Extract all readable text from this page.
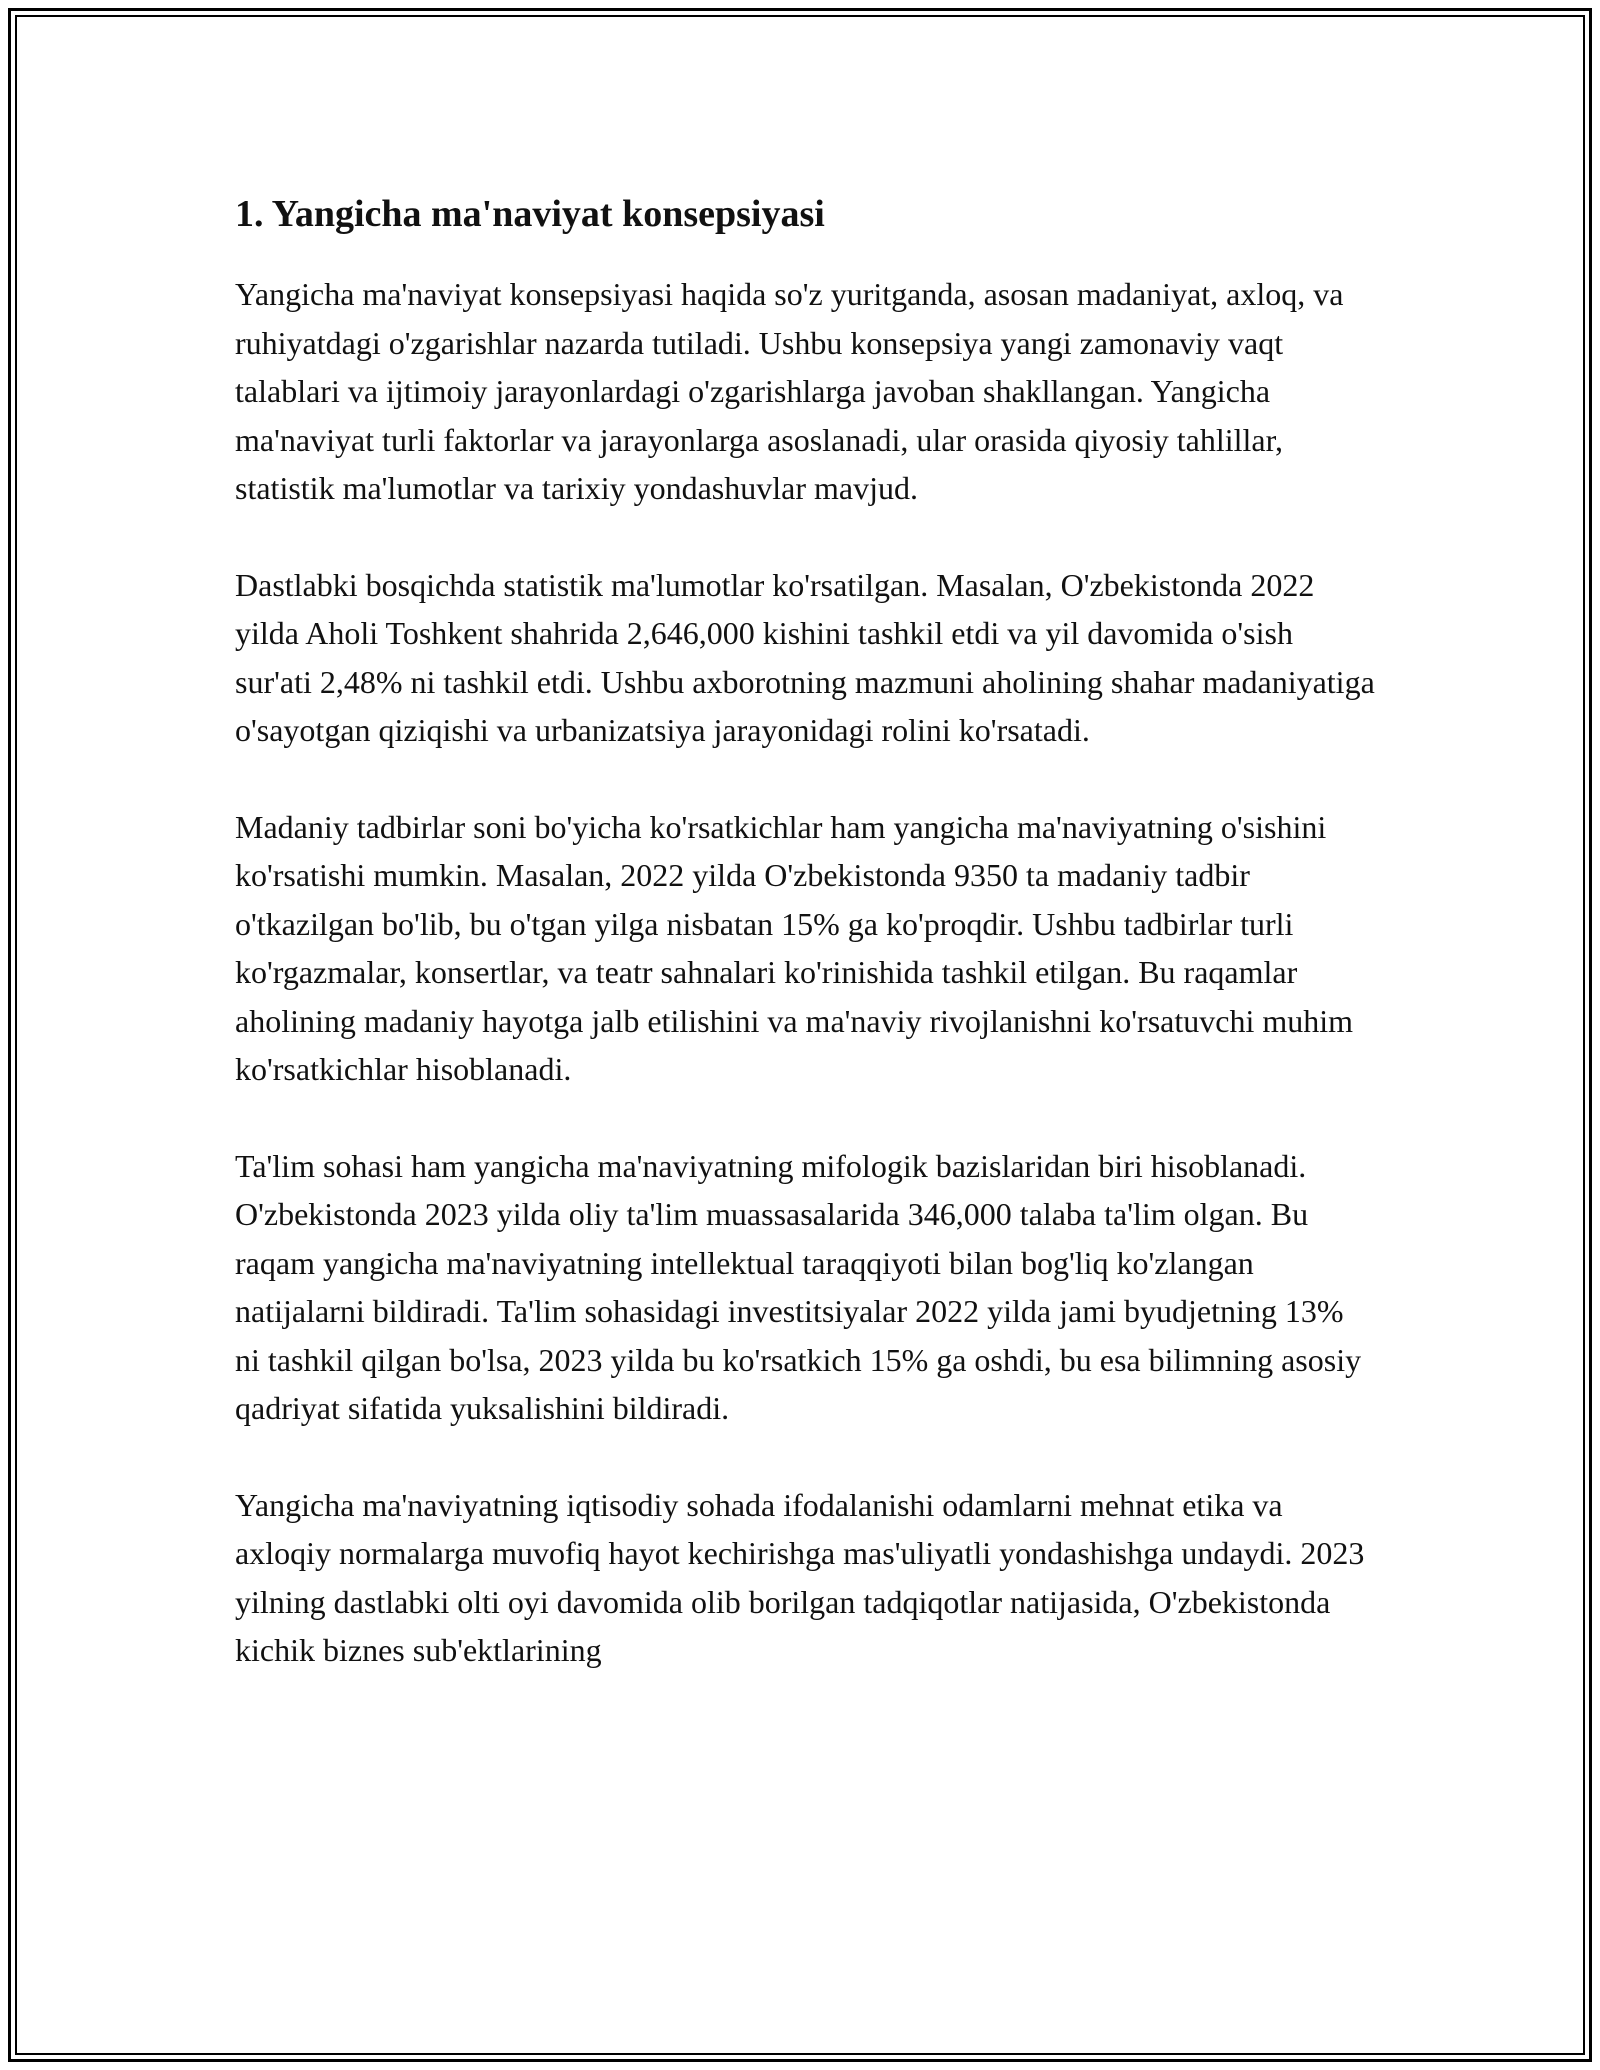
1. Yangicha ma'naviyat konsepsiyasi

Yangicha ma'naviyat konsepsiyasi haqida so'z yuritganda, asosan madaniyat, axloq, va ruhiyatdagi o'zgarishlar nazarda tutiladi. Ushbu konsepsiya yangi zamonaviy vaqt talablari va ijtimoiy jarayonlardagi o'zgarishlarga javoban shakllangan. Yangicha ma'naviyat turli faktorlar va jarayonlarga asoslanadi, ular orasida qiyosiy tahlillar, statistik ma'lumotlar va tarixiy yondashuvlar mavjud.

Dastlabki bosqichda statistik ma'lumotlar ko'rsatilgan. Masalan, O'zbekistonda 2022 yilda Aholi Toshkent shahrida 2,646,000 kishini tashkil etdi va yil davomida o'sish sur'ati 2,48% ni tashkil etdi. Ushbu axborotning mazmuni aholining shahar madaniyatiga o'sayotgan qiziqishi va urbanizatsiya jarayonidagi rolini ko'rsatadi.

Madaniy tadbirlar soni bo'yicha ko'rsatkichlar ham yangicha ma'naviyatning o'sishini ko'rsatishi mumkin. Masalan, 2022 yilda O'zbekistonda 9350 ta madaniy tadbir o'tkazilgan bo'lib, bu o'tgan yilga nisbatan 15% ga ko'proqdir. Ushbu tadbirlar turli ko'rgazmalar, konsertlar, va teatr sahnalari ko'rinishida tashkil etilgan. Bu raqamlar aholining madaniy hayotga jalb etilishini va ma'naviy rivojlanishni ko'rsatuvchi muhim ko'rsatkichlar hisoblanadi.

Ta'lim sohasi ham yangicha ma'naviyatning mifologik bazislaridan biri hisoblanadi. O'zbekistonda 2023 yilda oliy ta'lim muassasalarida 346,000 talaba ta'lim olgan. Bu raqam yangicha ma'naviyatning intellektual taraqqiyoti bilan bog'liq ko'zlangan natijalarni bildiradi. Ta'lim sohasidagi investitsiyalar 2022 yilda jami byudjetning 13% ni tashkil qilgan bo'lsa, 2023 yilda bu ko'rsatkich 15% ga oshdi, bu esa bilimning asosiy qadriyat sifatida yuksalishini bildiradi.

Yangicha ma'naviyatning iqtisodiy sohada ifodalanishi odamlarni mehnat etika va axloqiy normalarga muvofiq hayot kechirishga mas'uliyatli yondashishga undaydi. 2023 yilning dastlabki olti oyi davomida olib borilgan tadqiqotlar natijasida, O'zbekistonda kichik biznes sub'ektlarining
